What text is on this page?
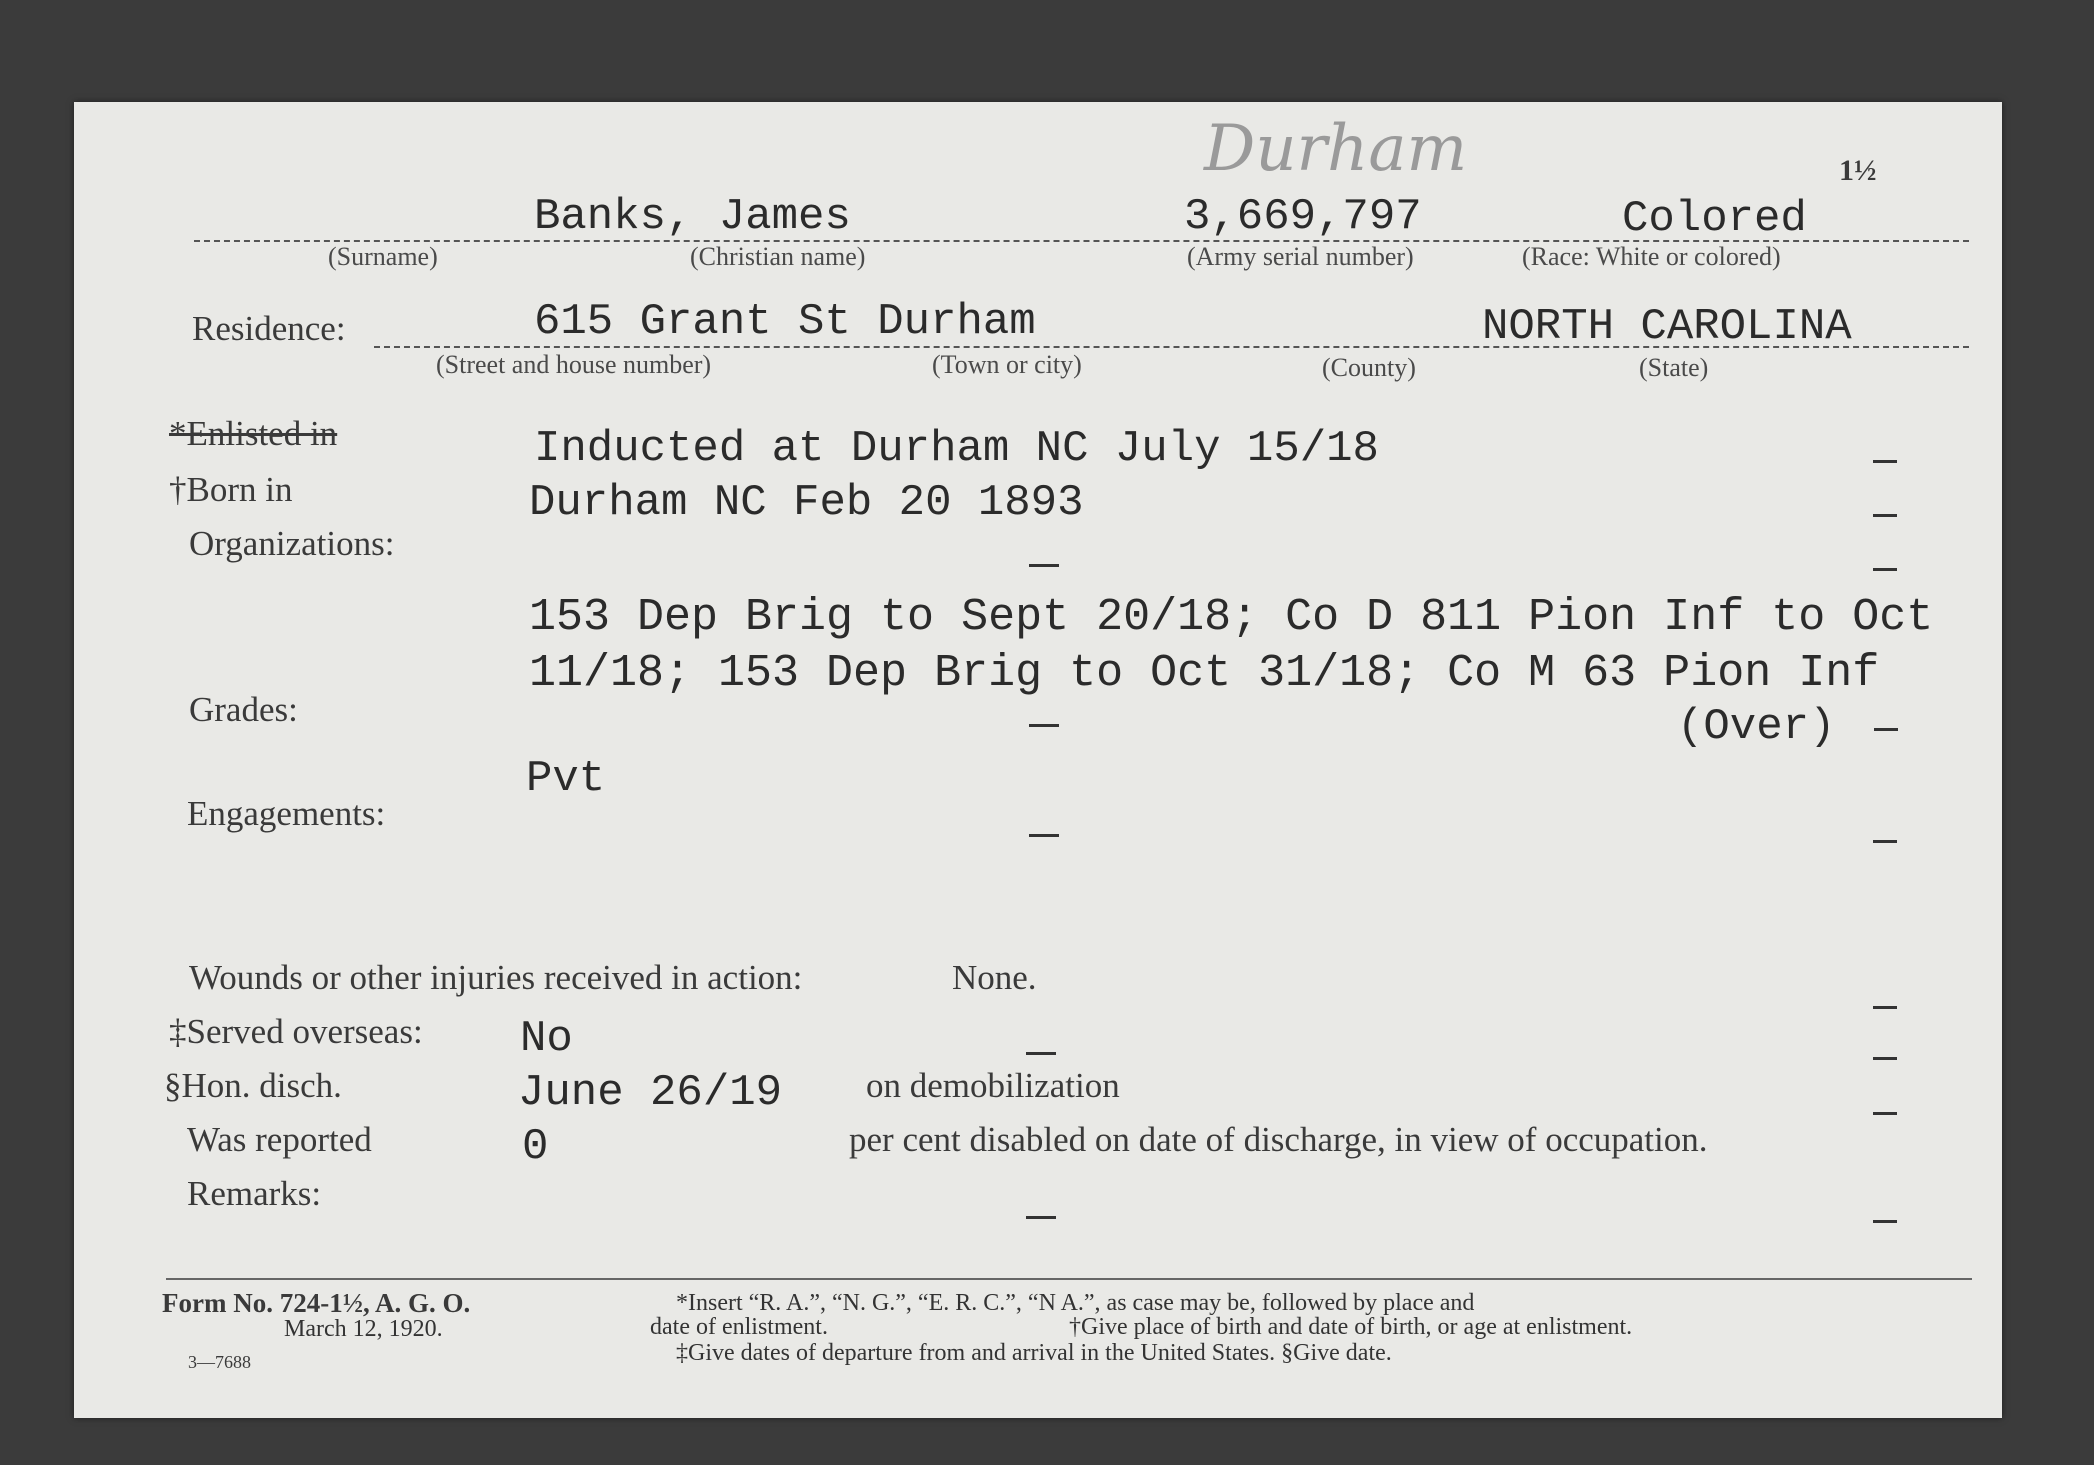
Durham	1½
Banks, James	3,669,797	Colored
(Surname)	(Christian name)	(Army serial number)	(Race: White or colored)
Residence:	615 Grant St Durham	NORTH CAROLINA
(Street and house number)	(Town or city)	(County)	(State)
*Enlisted in	Inducted at Durham NC July 15/18
†Born in	Durham NC Feb 20 1893
Organizations:
153 Dep Brig to Sept 20/18; Co D 811 Pion Inf to Oct
11/18; 153 Dep Brig to Oct 31/18; Co M 63 Pion Inf
(Over)
Grades:
Pvt
Engagements:
Wounds or other injuries received in action:	None.
‡Served overseas: No
§Hon. disch.	June 26/19 on demobilization
Was reported	0	per cent disabled on date of discharge, in view of occupation.
Remarks:
Form No. 724-1½, A. G. O.
March 12, 1920.
3—7688
*Insert “R. A.”, “N. G.”, “E. R. C.”, “N A.”, as case may be, followed by place and
date of enlistment.	†Give place of birth and date of birth, or age at enlistment.
‡Give dates of departure from and arrival in the United States. §Give date.
